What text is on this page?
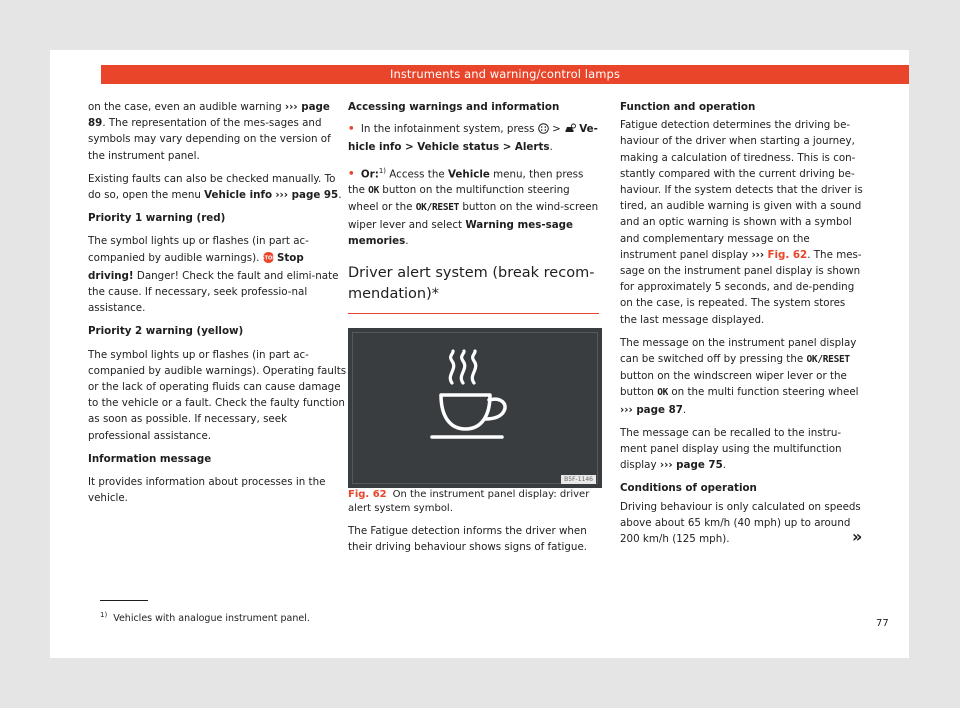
Instruments and warning/control lamps

on the case, even an audible warning ››› page 89. The representation of the mes-sages and symbols may vary depending on the version of the instrument panel.

Existing faults can also be checked manually. To do so, open the menu Vehicle info ››› page 95.

Priority 1 warning (red)

The symbol lights up or flashes (in part ac-companied by audible warnings). STOP Stop driving! Danger! Check the fault and elimi-nate the cause. If necessary, seek professio-nal assistance.

Priority 2 warning (yellow)

The symbol lights up or flashes (in part ac-companied by audible warnings). Operating faults or the lack of operating fluids can cause damage to the vehicle or a fault. Check the faulty function as soon as possible. If necessary, seek professional assistance.

Information message

It provides information about processes in the vehicle.

Accessing warnings and information

• In the infotainment system, press > Ve-hicle info > Vehicle status > Alerts.

• Or:$^{1)}$ Access the Vehicle menu, then press the OK button on the multifunction steering wheel or the OK/RESET button on the wind-screen wiper lever and select Warning mes-sage memories.

Driver alert system (break recom-mendation)*
B5F-1146

Fig. 62 On the instrument panel display: driver alert system symbol.

The Fatigue detection informs the driver when their driving behaviour shows signs of fatigue.

Function and operation

Fatigue detection determines the driving be-haviour of the driver when starting a journey, making a calculation of tiredness. This is con-stantly compared with the current driving be-haviour. If the system detects that the driver is tired, an audible warning is given with a sound and an optic warning is shown with a symbol and complementary message on the instrument panel display ››› Fig. 62. The mes-sage on the instrument panel display is shown for approximately 5 seconds, and de-pending on the case, is repeated. The system stores the last message displayed.

The message on the instrument panel display can be switched off by pressing the OK/RESET button on the windscreen wiper lever or the button OK on the multi function steering wheel ››› page 87.

The message can be recalled to the instru-ment panel display using the multifunction display ››› page 75.

Conditions of operation

Driving behaviour is only calculated on speeds above about 65 km/h (40 mph) up to around 200 km/h (125 mph).	»
$^{1)}$ Vehicles with analogue instrument panel.	77
